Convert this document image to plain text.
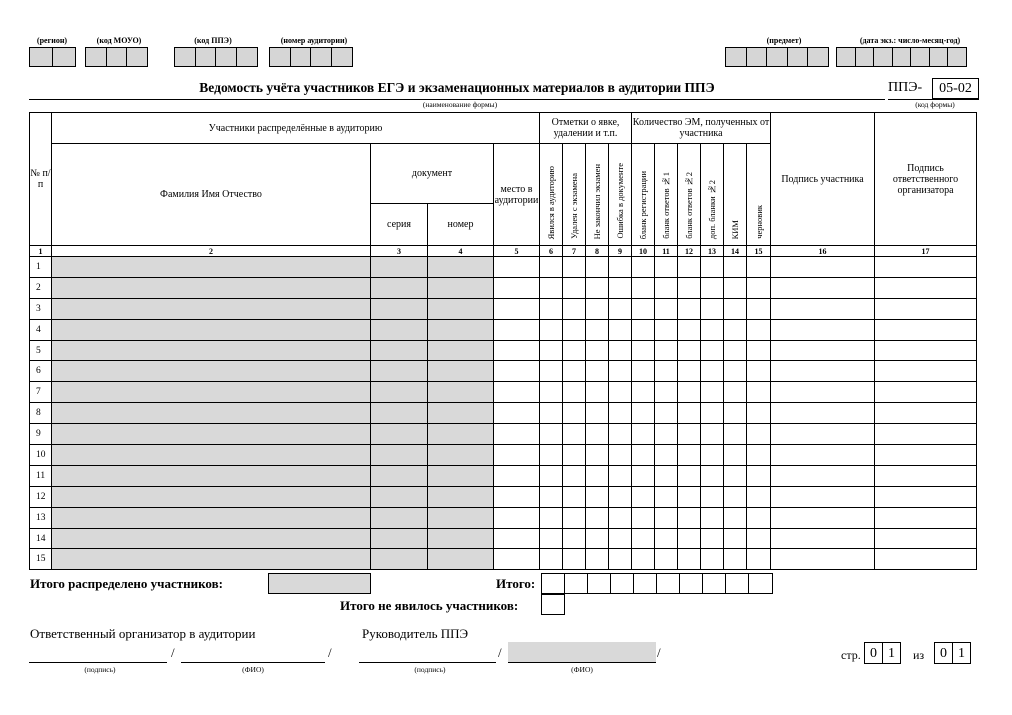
(регион)	(код МОУО)	(код ППЭ)	(номер аудитории)	(предмет)	(дата экз.: число-месяц-год)
Ведомость учёта участников ЕГЭ и экзаменационных материалов в аудитории ППЭ
(наименование формы)
ППЭ-	05-02
(код формы)
№ п/п	Участники распределённые в аудиторию				Отметки о явке, удалении и т.п.				Количество ЭМ, полученных от участника						Подпись участника	Подпись ответственного организатора
	Фамилия Имя Отчество	документ		место в аудитории	Явился в аудиторию	Удален с экзамена	Не закончил экзамен	Ошибка в документе	бланк регистрации	бланк ответов №1	бланк ответов №2	доп. бланки №2	КИМ	черновик		
		серия	номер													
1	2	3	4	5	6	7	8	9	10	11	12	13	14	15	16	17
1																
2																
3																
4																
5																
6																
7																
8																
9																
10																
11																
12																
13																
14																
15																
Итого распределено участников:	Итого:
Итого не явилось участников:
Ответственный организатор в аудитории
/	/
(подпись)	(ФИО)
Руководитель ППЭ
/	/
(подпись)	(ФИО)
стр. 0 1	из	0 1
